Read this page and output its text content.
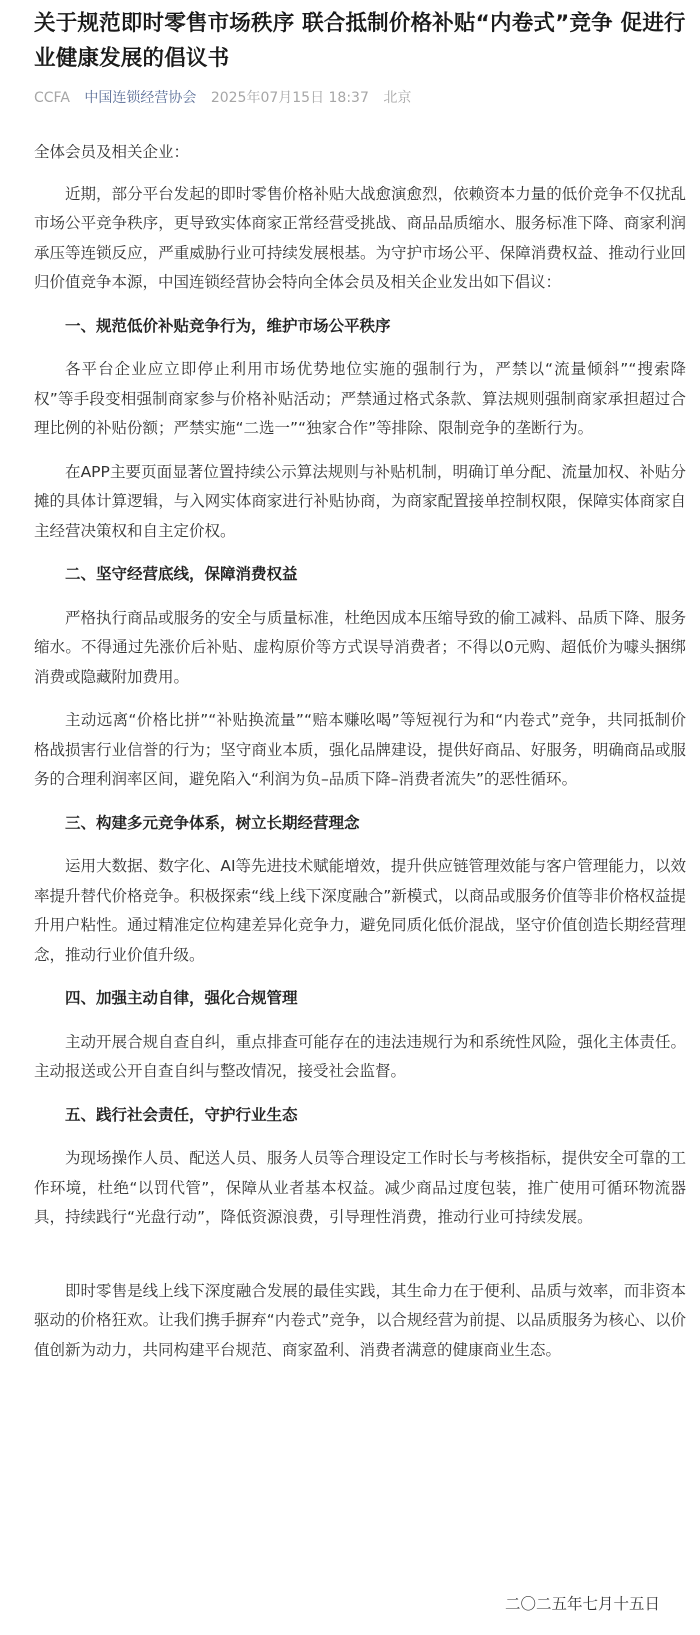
关于规范即时零售市场秩序 联合抵制价格补贴“内卷式”竞争 促进行业健康发展的倡议书
CCFA 中国连锁经营协会 2025年07月15日 18:37 北京

全体会员及相关企业：

近期，部分平台发起的即时零售价格补贴大战愈演愈烈，依赖资本力量的低价竞争不仅扰乱市场公平竞争秩序，更导致实体商家正常经营受挑战、商品品质缩水、服务标准下降、商家利润承压等连锁反应，严重威胁行业可持续发展根基。为守护市场公平、保障消费权益、推动行业回归价值竞争本源，中国连锁经营协会特向全体会员及相关企业发出如下倡议：

一、规范低价补贴竞争行为，维护市场公平秩序

各平台企业应立即停止利用市场优势地位实施的强制行为，严禁以“流量倾斜”“搜索降权”等手段变相强制商家参与价格补贴活动；严禁通过格式条款、算法规则强制商家承担超过合理比例的补贴份额；严禁实施“二选一”“独家合作”等排除、限制竞争的垄断行为。

在APP主要页面显著位置持续公示算法规则与补贴机制，明确订单分配、流量加权、补贴分摊的具体计算逻辑，与入网实体商家进行补贴协商，为商家配置接单控制权限，保障实体商家自主经营决策权和自主定价权。

二、坚守经营底线，保障消费权益

严格执行商品或服务的安全与质量标准，杜绝因成本压缩导致的偷工减料、品质下降、服务缩水。不得通过先涨价后补贴、虚构原价等方式误导消费者；不得以0元购、超低价为噱头捆绑消费或隐藏附加费用。

主动远离“价格比拼”“补贴换流量”“赔本赚吆喝”等短视行为和“内卷式”竞争，共同抵制价格战损害行业信誉的行为；坚守商业本质，强化品牌建设，提供好商品、好服务，明确商品或服务的合理利润率区间，避免陷入“利润为负–品质下降–消费者流失”的恶性循环。

三、构建多元竞争体系，树立长期经营理念

运用大数据、数字化、AI等先进技术赋能增效，提升供应链管理效能与客户管理能力，以效率提升替代价格竞争。积极探索“线上线下深度融合”新模式，以商品或服务价值等非价格权益提升用户粘性。通过精准定位构建差异化竞争力，避免同质化低价混战，坚守价值创造长期经营理念，推动行业价值升级。

四、加强主动自律，强化合规管理

主动开展合规自查自纠，重点排查可能存在的违法违规行为和系统性风险，强化主体责任。主动报送或公开自查自纠与整改情况，接受社会监督。

五、践行社会责任，守护行业生态

为现场操作人员、配送人员、服务人员等合理设定工作时长与考核指标，提供安全可靠的工作环境，杜绝“以罚代管”，保障从业者基本权益。减少商品过度包装，推广使用可循环物流器具，持续践行“光盘行动”，降低资源浪费，引导理性消费，推动行业可持续发展。

即时零售是线上线下深度融合发展的最佳实践，其生命力在于便利、品质与效率，而非资本驱动的价格狂欢。让我们携手摒弃“内卷式”竞争，以合规经营为前提、以品质服务为核心、以价值创新为动力，共同构建平台规范、商家盈利、消费者满意的健康商业生态。

二〇二五年七月十五日
